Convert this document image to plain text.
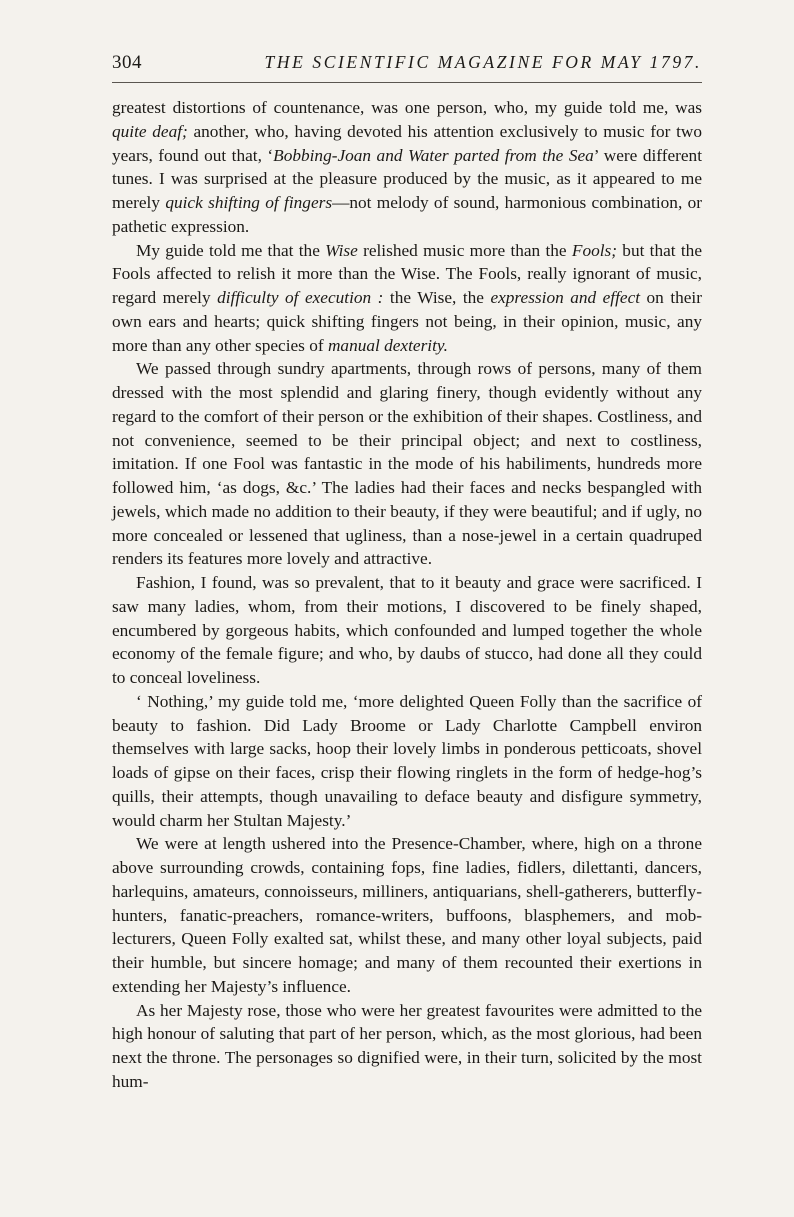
304	THE SCIENTIFIC MAGAZINE FOR MAY 1797.

greatest distortions of countenance, was one person, who, my guide told me, was quite deaf; another, who, having devoted his attention exclusively to music for two years, found out that, ‘Bobbing-Joan and Water parted from the Sea’ were different tunes. I was surprised at the pleasure produced by the music, as it appeared to me merely quick shifting of fingers—not melody of sound, harmonious combination, or pathetic expression.

My guide told me that the Wise relished music more than the Fools; but that the Fools affected to relish it more than the Wise. The Fools, really ignorant of music, regard merely difficulty of execution : the Wise, the expression and effect on their own ears and hearts; quick shifting fingers not being, in their opinion, music, any more than any other species of manual dexterity.

We passed through sundry apartments, through rows of persons, many of them dressed with the most splendid and glaring finery, though evidently without any regard to the comfort of their person or the exhibition of their shapes. Costliness, and not convenience, seemed to be their principal object; and next to costliness, imitation. If one Fool was fantastic in the mode of his habiliments, hundreds more followed him, ‘as dogs, &c.’ The ladies had their faces and necks bespangled with jewels, which made no addition to their beauty, if they were beautiful; and if ugly, no more concealed or lessened that ugliness, than a nose-jewel in a certain quadruped renders its features more lovely and attractive.

Fashion, I found, was so prevalent, that to it beauty and grace were sacrificed. I saw many ladies, whom, from their motions, I discovered to be finely shaped, encumbered by gorgeous habits, which confounded and lumped together the whole economy of the female figure; and who, by daubs of stucco, had done all they could to conceal loveliness.

‘ Nothing,’ my guide told me, ‘more delighted Queen Folly than the sacrifice of beauty to fashion. Did Lady Broome or Lady Charlotte Campbell environ themselves with large sacks, hoop their lovely limbs in ponderous petticoats, shovel loads of gipse on their faces, crisp their flowing ringlets in the form of hedge-hog’s quills, their attempts, though unavailing to deface beauty and disfigure symmetry, would charm her Stultan Majesty.’

We were at length ushered into the Presence-Chamber, where, high on a throne above surrounding crowds, containing fops, fine ladies, fidlers, dilettanti, dancers, harlequins, amateurs, connoisseurs, milliners, antiquarians, shell-gatherers, butterfly-hunters, fanatic-preachers, romance-writers, buffoons, blasphemers, and mob-lecturers, Queen Folly exalted sat, whilst these, and many other loyal subjects, paid their humble, but sincere homage; and many of them recounted their exertions in extending her Majesty’s influence.

As her Majesty rose, those who were her greatest favourites were admitted to the high honour of saluting that part of her person, which, as the most glorious, had been next the throne. The personages so dignified were, in their turn, solicited by the most hum-
